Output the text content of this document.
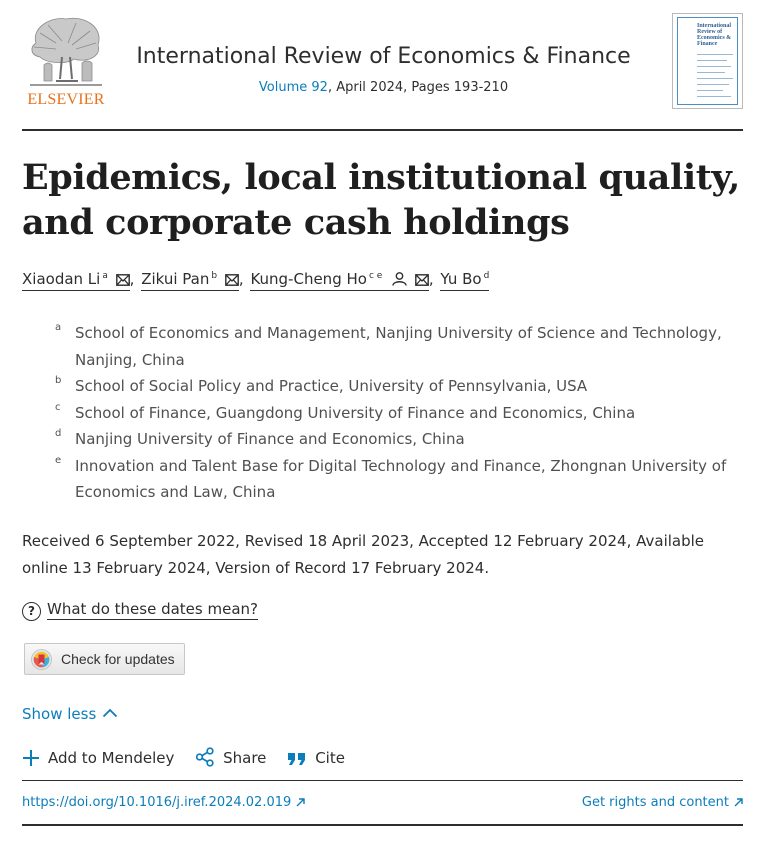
ELSEVIER
International Review of Economics & Finance
Volume 92, April 2024, Pages 193-210
International Review of Economics & Finance
Epidemics, local institutional quality, and corporate cash holdings
Xiaodan Li $^a$ , Zikui Pan $^b$ , Kung-Cheng Ho $^{c e}$	, Yu Bo $^d$
a School of Economics and Management, Nanjing University of Science and Technology, Nanjing, China
b School of Social Policy and Practice, University of Pennsylvania, USA
c School of Finance, Guangdong University of Finance and Economics, China
d Nanjing University of Finance and Economics, China
e Innovation and Talent Base for Digital Technology and Finance, Zhongnan University of Economics and Law, China
Received 6 September 2022, Revised 18 April 2023, Accepted 12 February 2024, Available online 13 February 2024, Version of Record 17 February 2024.
? What do these dates mean?
Check for updates
Show less
Add to Mendeley	Share	Cite
https://doi.org/10.1016/j.iref.2024.02.019	Get rights and content
